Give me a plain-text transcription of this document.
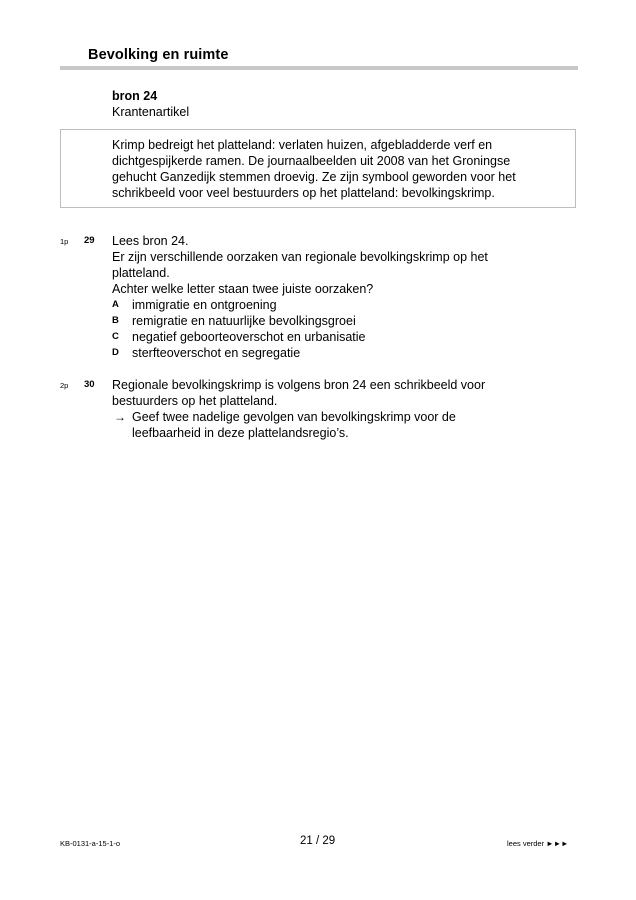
Bevolking en ruimte
bron 24
Krantenartikel
Krimp bedreigt het platteland: verlaten huizen, afgebladderde verf en
dichtgespijkerde ramen. De journaalbeelden uit 2008 van het Groningse
gehucht Ganzedijk stemmen droevig. Ze zijn symbool geworden voor het
schrikbeeld voor veel bestuurders op het platteland: bevolkingskrimp.
1p 29 Lees bron 24.
Er zijn verschillende oorzaken van regionale bevolkingskrimp op het
platteland.
Achter welke letter staan twee juiste oorzaken?
A immigratie en ontgroening
B remigratie en natuurlijke bevolkingsgroei
C negatief geboorteoverschot en urbanisatie
D sterfteoverschot en segregatie
2p 30 Regionale bevolkingskrimp is volgens bron 24 een schrikbeeld voor
bestuurders op het platteland.
→ Geef twee nadelige gevolgen van bevolkingskrimp voor de
leefbaarheid in deze plattelandsregio’s.
KB-0131-a-15-1-o	21 / 29	lees verder ►►►
